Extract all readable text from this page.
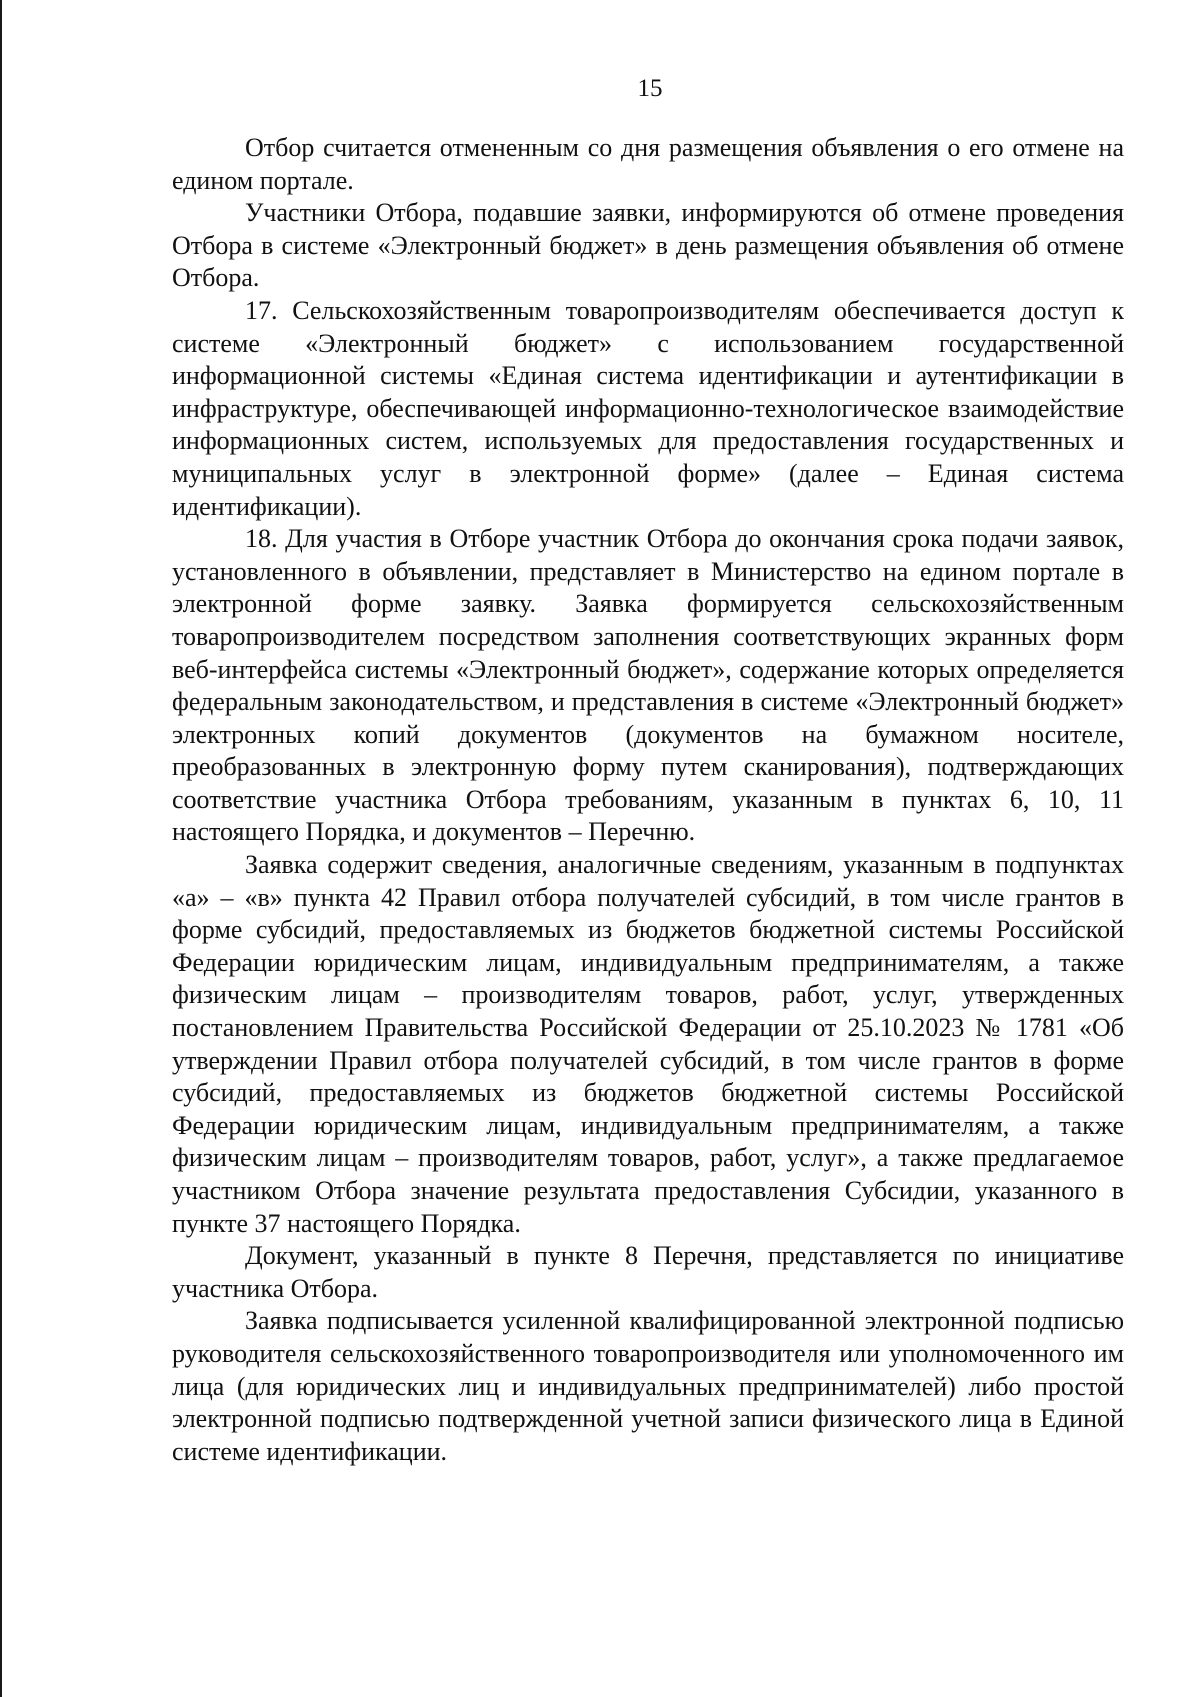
15

Отбор считается отмененным со дня размещения объявления о его отмене на едином портале.

Участники Отбора, подавшие заявки, информируются об отмене проведения Отбора в системе «Электронный бюджет» в день размещения объявления об отмене Отбора.

17. Сельскохозяйственным товаропроизводителям обеспечивается доступ к системе «Электронный бюджет» с использованием государственной информационной системы «Единая система идентификации и аутентификации в инфраструктуре, обеспечивающей информационно-технологическое взаимодействие информационных систем, используемых для предоставления государственных и муниципальных услуг в электронной форме» (далее – Единая система идентификации).

18. Для участия в Отборе участник Отбора до окончания срока подачи заявок, установленного в объявлении, представляет в Министерство на едином портале в электронной форме заявку. Заявка формируется сельскохозяйственным товаропроизводителем посредством заполнения соответствующих экранных форм веб-интерфейса системы «Электронный бюджет», содержание которых определяется федеральным законодательством, и представления в системе «Электронный бюджет» электронных копий документов (документов на бумажном носителе, преобразованных в электронную форму путем сканирования), подтверждающих соответствие участника Отбора требованиям, указанным в пунктах 6, 10, 11 настоящего Порядка, и документов – Перечню.

Заявка содержит сведения, аналогичные сведениям, указанным в подпунктах «а» – «в» пункта 42 Правил отбора получателей субсидий, в том числе грантов в форме субсидий, предоставляемых из бюджетов бюджетной системы Российской Федерации юридическим лицам, индивидуальным предпринимателям, а также физическим лицам – производителям товаров, работ, услуг, утвержденных постановлением Правительства Российской Федерации от 25.10.2023 № 1781 «Об утверждении Правил отбора получателей субсидий, в том числе грантов в форме субсидий, предоставляемых из бюджетов бюджетной системы Российской Федерации юридическим лицам, индивидуальным предпринимателям, а также физическим лицам – производителям товаров, работ, услуг», а также предлагаемое участником Отбора значение результата предоставления Субсидии, указанного в пункте 37 настоящего Порядка.

Документ, указанный в пункте 8 Перечня, представляется по инициативе участника Отбора.

Заявка подписывается усиленной квалифицированной электронной подписью руководителя сельскохозяйственного товаропроизводителя или уполномоченного им лица (для юридических лиц и индивидуальных предпринимателей) либо простой электронной подписью подтвержденной учетной записи физического лица в Единой системе идентификации.
